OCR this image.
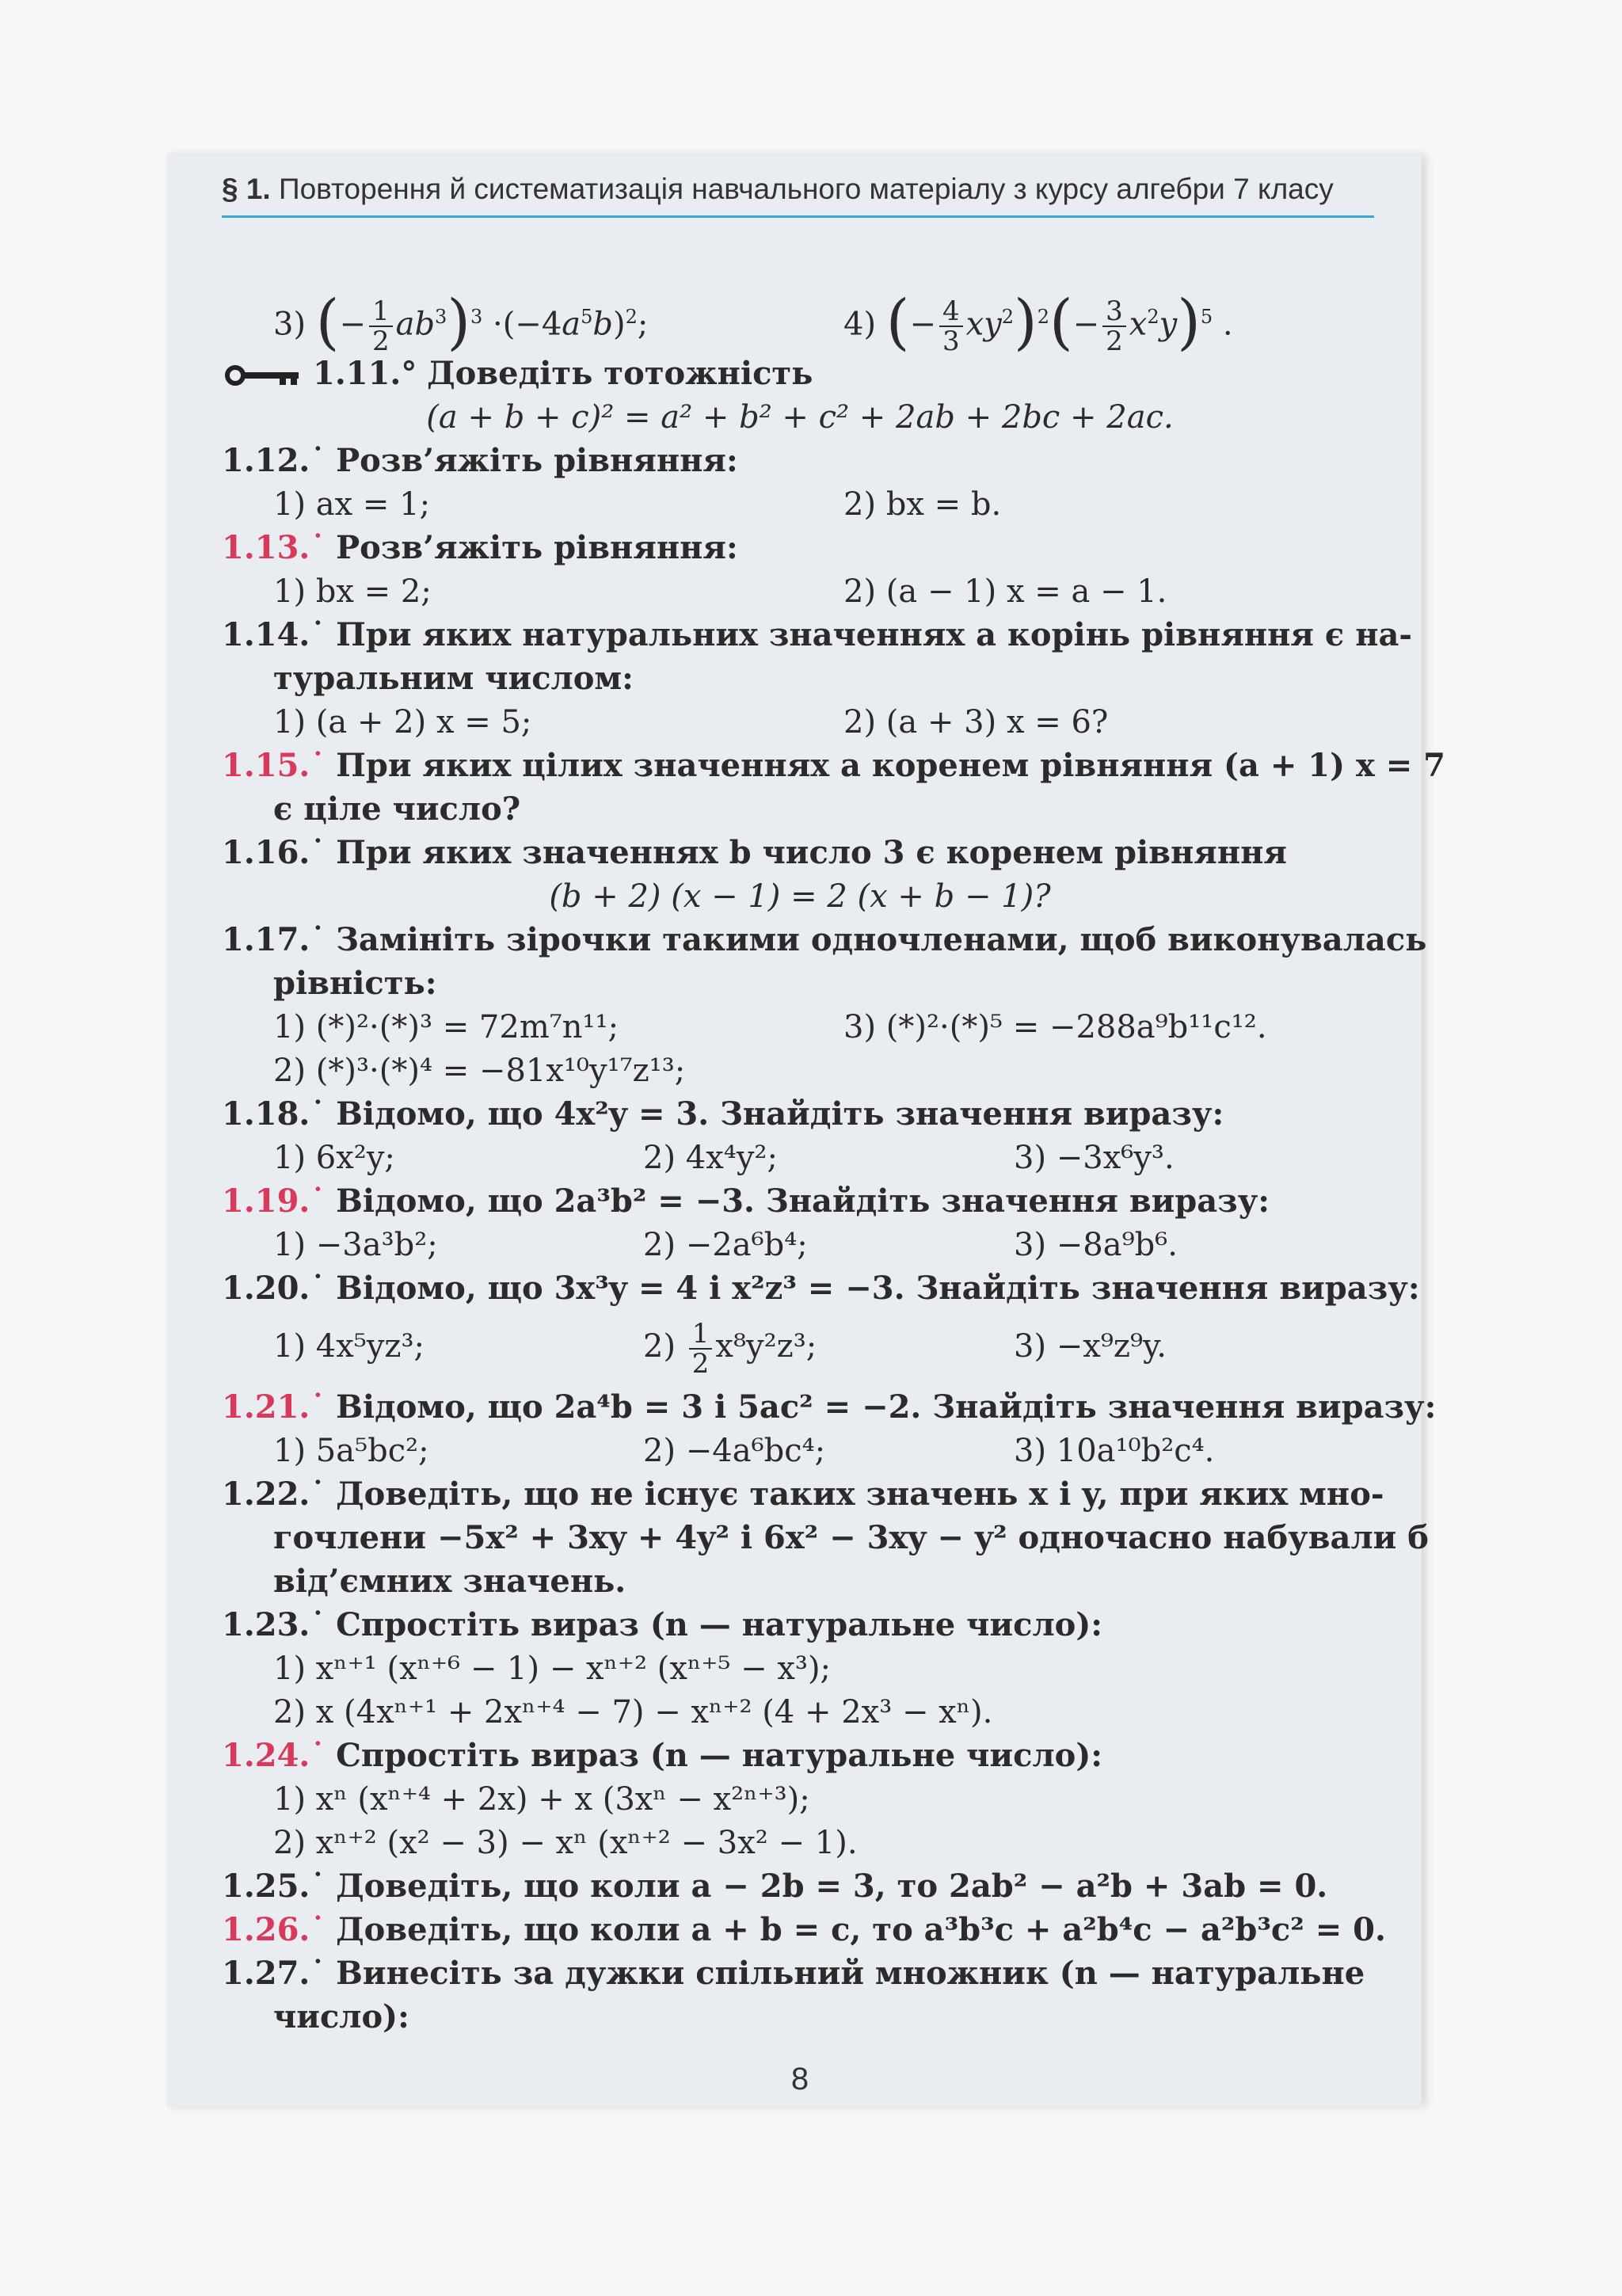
§ 1. Повторення й систематизація навчального матеріалу з курсу алгебри 7 класу
3) (− $\frac{1}{2} ab^3)^3 \cdot(-4a^5b)^2$;	4) (− $\frac{4}{3} xy^2)^2(- \frac{3}{2} x^2y)^5$ .
1.11.° Доведіть тотожність
(a + b + c)² = a² + b² + c² + 2ab + 2bc + 2ac.
1.12.˙ Розв’яжіть рівняння:
1) ax = 1;	2) bx = b.
1.13.˙ Розв’яжіть рівняння:
1) bx = 2;	2) (a − 1) x = a − 1.
1.14.˙ При яких натуральних значеннях a корінь рівняння є на-
туральним числом:
1) (a + 2) x = 5;	2) (a + 3) x = 6?
1.15.˙ При яких цілих значеннях a коренем рівняння (a + 1) x = 7
є ціле число?
1.16.˙ При яких значеннях b число 3 є коренем рівняння
(b + 2) (x − 1) = 2 (x + b − 1)?
1.17.˙ Замініть зірочки такими одночленами, щоб виконувалась
рівність:
1) (*)²·(*)³ = 72m⁷n¹¹;	3) (*)²·(*)⁵ = −288a⁹b¹¹c¹².
2) (*)³·(*)⁴ = −81x¹⁰y¹⁷z¹³;
1.18.˙ Відомо, що 4x²y = 3. Знайдіть значення виразу:
1) 6x²y;	2) 4x⁴y²;	3) −3x⁶y³.
1.19.˙ Відомо, що 2a³b² = −3. Знайдіть значення виразу:
1) −3a³b²;	2) −2a⁶b⁴;	3) −8a⁹b⁶.
1.20.˙ Відомо, що 3x³y = 4 і x²z³ = −3. Знайдіть значення виразу:
1) 4x⁵yz³;	$2) \frac{1}{2} x^8y^2z^3$;	3) −x⁹z⁹y.
1.21.˙ Відомо, що 2a⁴b = 3 і 5ac² = −2. Знайдіть значення виразу:
1) 5a⁵bc²;	2) −4a⁶bc⁴;	3) 10a¹⁰b²c⁴.
1.22.˙ Доведіть, що не існує таких значень x і y, при яких мно-
гочлени −5x² + 3xy + 4y² і 6x² − 3xy − y² одночасно набували б
від’ємних значень.
1.23.˙ Спростіть вираз (n — натуральне число):
1) xⁿ⁺¹ (xⁿ⁺⁶ − 1) − xⁿ⁺² (xⁿ⁺⁵ − x³);
2) x (4xⁿ⁺¹ + 2xⁿ⁺⁴ − 7) − xⁿ⁺² (4 + 2x³ − xⁿ).
1.24.˙ Спростіть вираз (n — натуральне число):
1) xⁿ (xⁿ⁺⁴ + 2x) + x (3xⁿ − x²ⁿ⁺³);
2) xⁿ⁺² (x² − 3) − xⁿ (xⁿ⁺² − 3x² − 1).
1.25.˙ Доведіть, що коли a − 2b = 3, то 2ab² − a²b + 3ab = 0.
1.26.˙ Доведіть, що коли a + b = c, то a³b³c + a²b⁴c − a²b³c² = 0.
1.27.˙ Винесіть за дужки спільний множник (n — натуральне
число):
8
